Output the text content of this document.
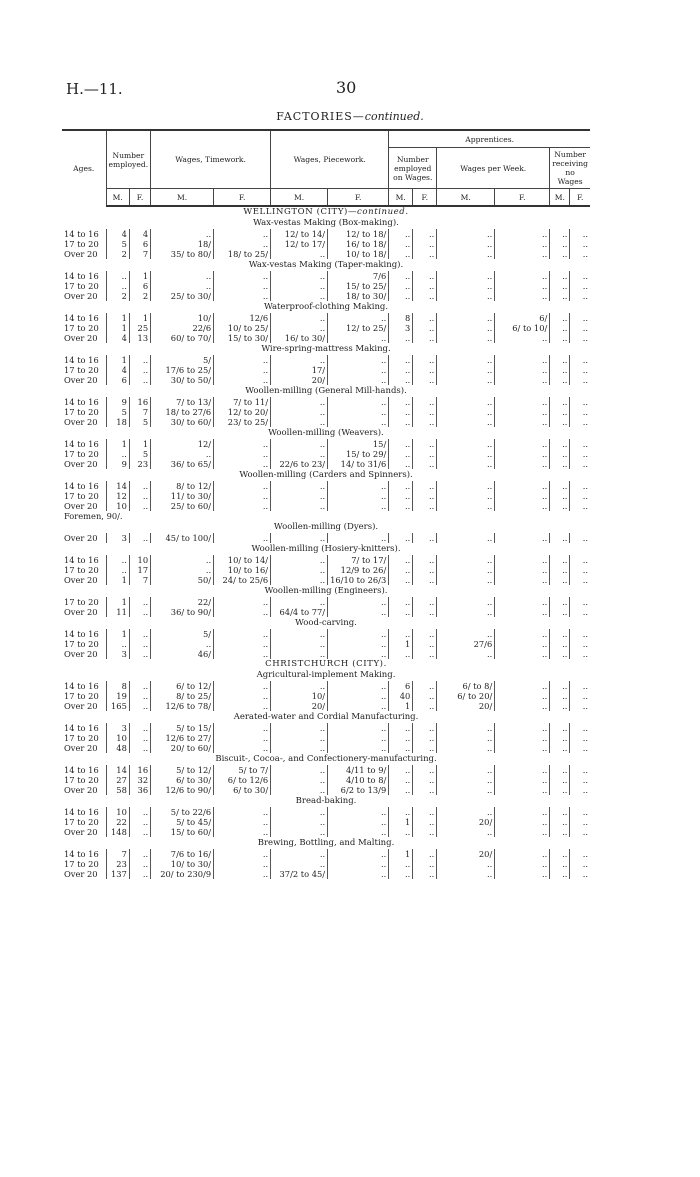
H.—11.	30
FACTORIES—continued.
Ages.	Number employed.		Wages, Timework.		Wages, Piecework.		Apprentices.					
							Number employed on Wages.		Wages per Week.		Number receiving no Wages	
	M.	F.	M.	F.	M.	F.	M.	F.	M.	F.	M.	F.
WELLINGTON (CITY)—continued.												
Wax-vestas Making (Box-making).												
14 to 16	4	4	..	..	12/ to 14/	12/ to 18/	..	..	..	..	..	..
17 to 20	5	6	18/	..	12/ to 17/	16/ to 18/	..	..	..	..	..	..
Over 20	2	7	35/ to 80/	18/ to 25/	..	10/ to 18/	..	..	..	..	..	..
Wax-vestas Making (Taper-making).												
14 to 16	..	1	..	..	..	7/6	..	..	..	..	..	..
17 to 20	..	6	..	..	..	15/ to 25/	..	..	..	..	..	..
Over 20	2	2	25/ to 30/	..	..	18/ to 30/	..	..	..	..	..	..
Waterproof-clothing Making.												
14 to 16	1	1	10/	12/6	..	..	8	..	..	6/	..	..
17 to 20	1	25	22/6	10/ to 25/	..	12/ to 25/	3	..	..	6/ to 10/	..	..
Over 20	4	13	60/ to 70/	15/ to 30/	16/ to 30/	..	..	..	..	..	..	..
Wire-spring-mattress Making.												
14 to 16	1	..	5/	..	..	..	..	..	..	..	..	..
17 to 20	4	..	17/6 to 25/	..	17/	..	..	..	..	..	..	..
Over 20	6	..	30/ to 50/	..	20/	..	..	..	..	..	..	..
Woollen-milling (General Mill-hands).												
14 to 16	9	16	7/ to 13/	7/ to 11/	..	..	..	..	..	..	..	..
17 to 20	5	7	18/ to 27/6	12/ to 20/	..	..	..	..	..	..	..	..
Over 20	18	5	30/ to 60/	23/ to 25/	..	..	..	..	..	..	..	..
Woollen-milling (Weavers).												
14 to 16	1	1	12/	..	..	15/	..	..	..	..	..	..
17 to 20	..	5	..	..	..	15/ to 29/	..	..	..	..	..	..
Over 20	9	23	36/ to 65/	..	22/6 to 23/	14/ to 31/6	..	..	..	..	..	..
Woollen-milling (Carders and Spinners).												
14 to 16	14	..	8/ to 12/	..	..	..	..	..	..	..	..	..
17 to 20	12	..	11/ to 30/	..	..	..	..	..	..	..	..	..
Over 20	10	..	25/ to 60/	..	..	..	..	..	..	..	..	..
Foremen, 90/.												
Woollen-milling (Dyers).												
Over 20	3	..	45/ to 100/	..	..	..	..	..	..	..	..	..
Woollen-milling (Hosiery-knitters).												
14 to 16	..	10	..	10/ to 14/	..	7/ to 17/	..	..	..	..	..	..
17 to 20	..	17	..	10/ to 16/	..	12/9 to 26/	..	..	..	..	..	..
Over 20	1	7	50/	24/ to 25/6	..	16/10 to 26/3	..	..	..	..	..	..
Woollen-milling (Engineers).												
17 to 20	1	..	22/	..	..	..	..	..	..	..	..	..
Over 20	11	..	36/ to 90/	..	64/4 to 77/	..	..	..	..	..	..	..
Wood-carving.												
14 to 16	1	..	5/	..	..	..	..	..	..	..	..	..
17 to 20	..	..	..	..	..	..	1	..	27/6	..	..	..
Over 20	3	..	46/	..	..	..	..	..	..	..	..	..
CHRISTCHURCH (CITY).												
Agricultural-implement Making.												
14 to 16	8	..	6/ to 12/	..	..	..	6	..	6/ to 8/	..	..	..
17 to 20	19	..	8/ to 25/	..	10/	..	40	..	6/ to 20/	..	..	..
Over 20	165	..	12/6 to 78/	..	20/	..	1	..	20/	..	..	..
Aerated-water and Cordial Manufacturing.												
14 to 16	3	..	5/ to 15/	..	..	..	..	..	..	..	..	..
17 to 20	10	..	12/6 to 27/	..	..	..	..	..	..	..	..	..
Over 20	48	..	20/ to 60/	..	..	..	..	..	..	..	..	..
Biscuit-, Cocoa-, and Confectionery-manufacturing.												
14 to 16	14	16	5/ to 12/	5/ to 7/	..	4/11 to 9/	..	..	..	..	..	..
17 to 20	27	32	6/ to 30/	6/ to 12/6	..	4/10 to 8/	..	..	..	..	..	..
Over 20	58	36	12/6 to 90/	6/ to 30/	..	6/2 to 13/9	..	..	..	..	..	..
Bread-baking.												
14 to 16	10	..	5/ to 22/6	..	..	..	..	..	..	..	..	..
17 to 20	22	..	5/ to 45/	..	..	..	1	..	20/	..	..	..
Over 20	148	..	15/ to 60/	..	..	..	..	..	..	..	..	..
Brewing, Bottling, and Malting.												
14 to 16	7	..	7/6 to 16/	..	..	..	1	..	20/	..	..	..
17 to 20	23	..	10/ to 30/	..	..	..	..	..	..	..	..	..
Over 20	137	..	20/ to 230/9	..	37/2 to 45/	..	..	..	..	..	..	..
